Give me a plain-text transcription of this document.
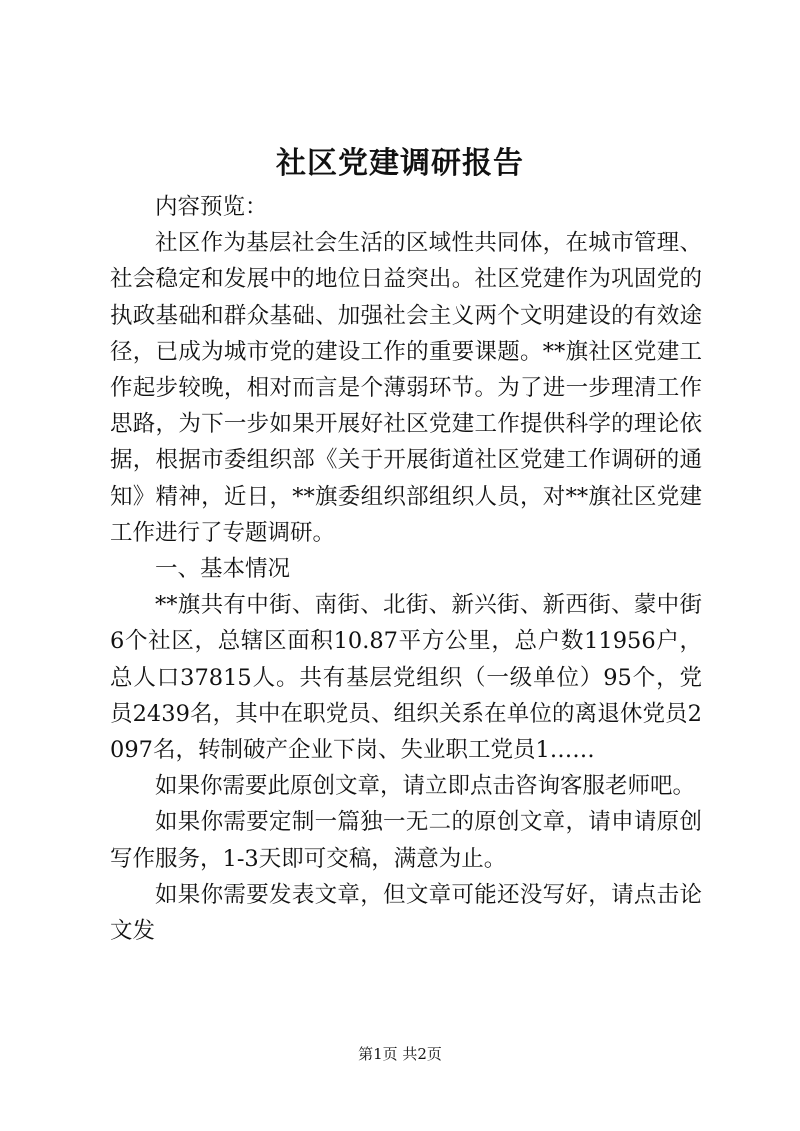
社区党建调研报告

内容预览：

社区作为基层社会生活的区域性共同体，在城市管理、社会稳定和发展中的地位日益突出。社区党建作为巩固党的执政基础和群众基础、加强社会主义两个文明建设的有效途径，已成为城市党的建设工作的重要课题。**旗社区党建工作起步较晚，相对而言是个薄弱环节。为了进一步理清工作思路，为下一步如果开展好社区党建工作提供科学的理论依据，根据市委组织部《关于开展街道社区党建工作调研的通知》精神，近日，**旗委组织部组织人员，对**旗社区党建工作进行了专题调研。

一、基本情况

**旗共有中街、南街、北街、新兴街、新西街、蒙中街6个社区，总辖区面积10.87平方公里，总户数11956户，总人口37815人。共有基层党组织（一级单位）95个，党员2439名，其中在职党员、组织关系在单位的离退休党员2097名，转制破产企业下岗、失业职工党员1……

如果你需要此原创文章，请立即点击咨询客服老师吧。

如果你需要定制一篇独一无二的原创文章，请申请原创写作服务，1-3天即可交稿，满意为止。

如果你需要发表文章，但文章可能还没写好，请点击论文发

第1页 共2页
